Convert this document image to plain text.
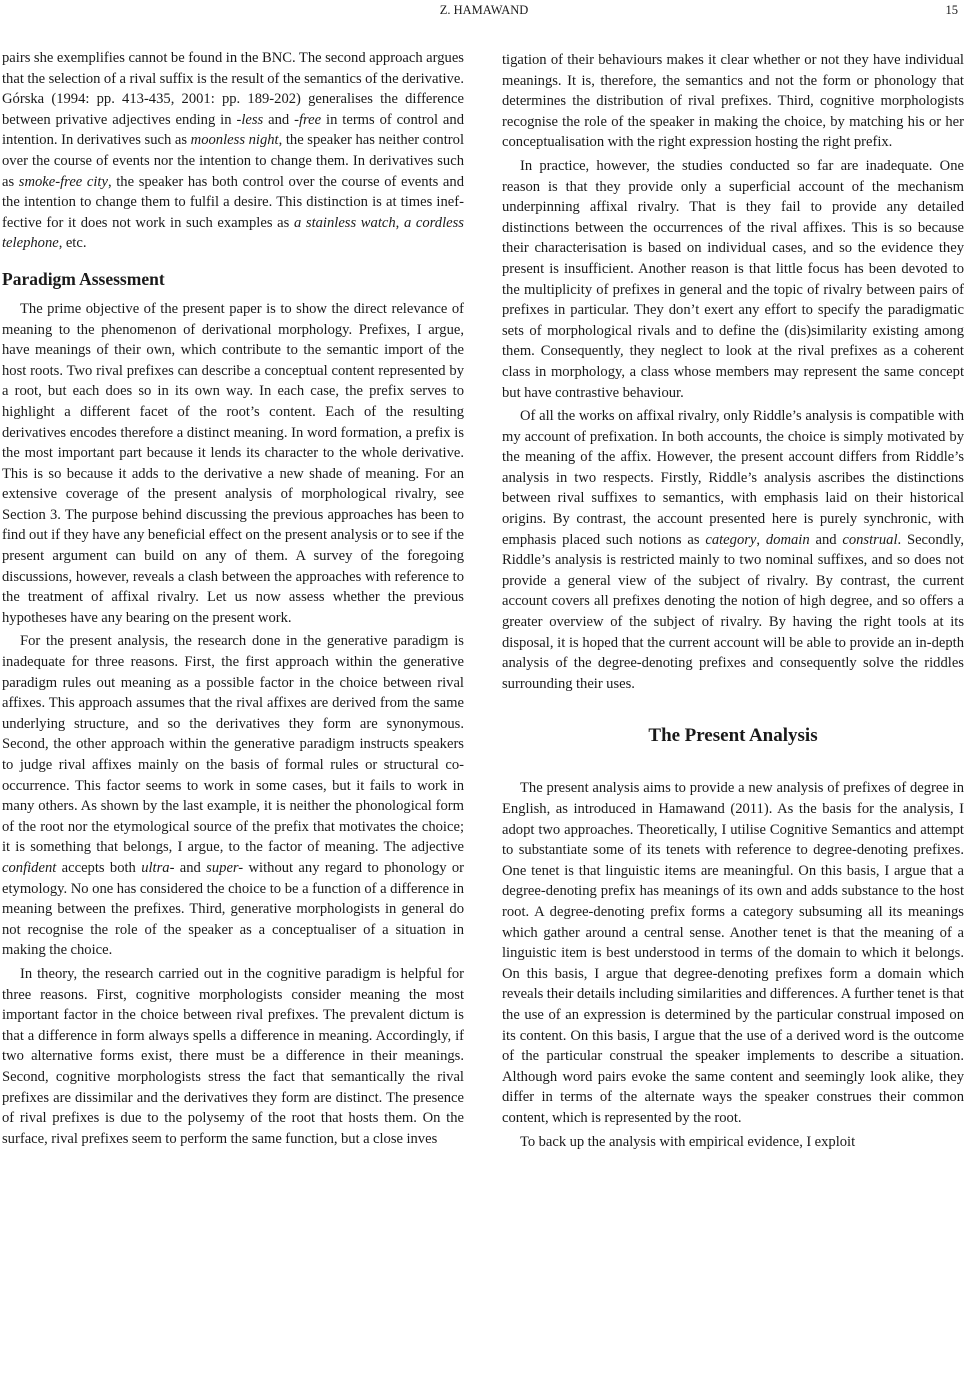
Z. HAMAWAND	15

pairs she exemplifies cannot be found in the BNC. The second approach argues that the selection of a rival suffix is the result of the semantics of the derivative. Górska (1994: pp. 413-435, 2001: pp. 189-202) generalises the difference between privative adjectives ending in -less and -free in terms of control and intention. In derivatives such as moonless night, the speaker has neither control over the course of events nor the intention to change them. In derivatives such as smoke-free city, the speaker has both control over the course of events and the intention to change them to fulfil a desire. This distinction is at times ineffective for it does not work in such examples as a stainless watch, a cordless telephone, etc.

Paradigm Assessment

The prime objective of the present paper is to show the direct relevance of meaning to the phenomenon of derivational morphology. Prefixes, I argue, have meanings of their own, which contribute to the semantic import of the host roots. Two rival prefixes can describe a conceptual content represented by a root, but each does so in its own way. In each case, the prefix serves to highlight a different facet of the root’s content. Each of the resulting derivatives encodes therefore a distinct meaning. In word formation, a prefix is the most important part because it lends its character to the whole derivative. This is so because it adds to the derivative a new shade of meaning. For an extensive coverage of the present analysis of morphological rivalry, see Section 3. The purpose behind discussing the previous approaches has been to find out if they have any beneficial effect on the present analysis or to see if the present argument can build on any of them. A survey of the foregoing discussions, however, reveals a clash between the approaches with reference to the treatment of affixal rivalry. Let us now assess whether the previous hypotheses have any bearing on the present work.

For the present analysis, the research done in the generative paradigm is inadequate for three reasons. First, the first approach within the generative paradigm rules out meaning as a possible factor in the choice between rival affixes. This approach assumes that the rival affixes are derived from the same underlying structure, and so the derivatives they form are synonymous. Second, the other approach within the generative paradigm instructs speakers to judge rival affixes mainly on the basis of formal rules or structural co-occurrence. This factor seems to work in some cases, but it fails to work in many others. As shown by the last example, it is neither the phonological form of the root nor the etymological source of the prefix that motivates the choice; it is something that belongs, I argue, to the factor of meaning. The adjective confident accepts both ultra- and super- without any regard to phonology or etymology. No one has considered the choice to be a function of a difference in meaning between the prefixes. Third, generative morphologists in general do not recognise the role of the speaker as a conceptualiser of a situation in making the choice.

In theory, the research carried out in the cognitive paradigm is helpful for three reasons. First, cognitive morphologists consider meaning the most important factor in the choice between rival prefixes. The prevalent dictum is that a difference in form always spells a difference in meaning. Accordingly, if two alternative forms exist, there must be a difference in their meanings. Second, cognitive morphologists stress the fact that semantically the rival prefixes are dissimilar and the derivatives they form are distinct. The presence of rival prefixes is due to the polysemy of the root that hosts them. On the surface, rival prefixes seem to perform the same function, but a close inves

tigation of their behaviours makes it clear whether or not they have individual meanings. It is, therefore, the semantics and not the form or phonology that determines the distribution of rival prefixes. Third, cognitive morphologists recognise the role of the speaker in making the choice, by matching his or her conceptualisation with the right expression hosting the right prefix.

In practice, however, the studies conducted so far are inadequate. One reason is that they provide only a superficial account of the mechanism underpinning affixal rivalry. That is they fail to provide any detailed distinctions between the occurrences of the rival affixes. This is so because their characterisation is based on individual cases, and so the evidence they present is insufficient. Another reason is that little focus has been devoted to the multiplicity of prefixes in general and the topic of rivalry between pairs of prefixes in particular. They don’t exert any effort to specify the paradigmatic sets of morphological rivals and to define the (dis)similarity existing among them. Consequently, they neglect to look at the rival prefixes as a coherent class in morphology, a class whose members may represent the same concept but have contrastive behaviour.

Of all the works on affixal rivalry, only Riddle’s analysis is compatible with my account of prefixation. In both accounts, the choice is simply motivated by the meaning of the affix. However, the present account differs from Riddle’s analysis in two respects. Firstly, Riddle’s analysis ascribes the distinctions between rival suffixes to semantics, with emphasis laid on their historical origins. By contrast, the account presented here is purely synchronic, with emphasis placed such notions as category, domain and construal. Secondly, Riddle’s analysis is restricted mainly to two nominal suffixes, and so does not provide a general view of the subject of rivalry. By contrast, the current account covers all prefixes denoting the notion of high degree, and so offers a greater overview of the subject of rivalry. By having the right tools at its disposal, it is hoped that the current account will be able to provide an in-depth analysis of the degree-denoting prefixes and consequently solve the riddles surrounding their uses.

The Present Analysis

The present analysis aims to provide a new analysis of prefixes of degree in English, as introduced in Hamawand (2011). As the basis for the analysis, I adopt two approaches. Theoretically, I utilise Cognitive Semantics and attempt to substantiate some of its tenets with reference to degree-denoting prefixes. One tenet is that linguistic items are meaningful. On this basis, I argue that a degree-denoting prefix has meanings of its own and adds substance to the host root. A degree-denoting prefix forms a category subsuming all its meanings which gather around a central sense. Another tenet is that the meaning of a linguistic item is best understood in terms of the domain to which it belongs. On this basis, I argue that degree-denoting prefixes form a domain which reveals their details including similarities and differences. A further tenet is that the use of an expression is determined by the particular construal imposed on its content. On this basis, I argue that the use of a derived word is the outcome of the particular construal the speaker implements to describe a situation. Although word pairs evoke the same content and seemingly look alike, they differ in terms of the alternate ways the speaker construes their common content, which is represented by the root.

To back up the analysis with empirical evidence, I exploit
